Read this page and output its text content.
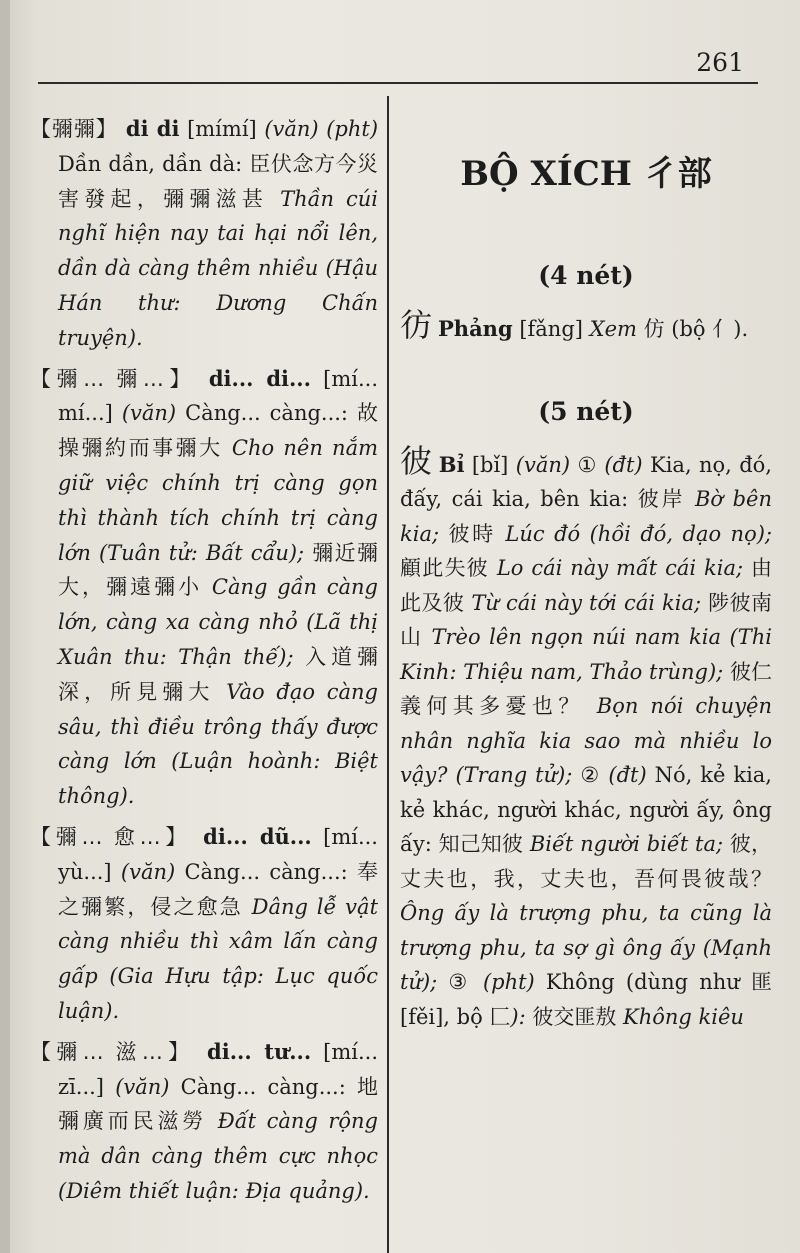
261

【彌彌】 di di [mímí] (văn) (pht) Dần dần, dần dà: 臣伏念方今災害發起，彌彌滋甚 Thần cúi nghĩ hiện nay tai hại nổi lên, dần dà càng thêm nhiều (Hậu Hán thư: Dương Chấn truyện).

【彌… 彌…】 di... di... [mí... mí...] (văn) Càng... càng...: 故操彌約而事彌大 Cho nên nắm giữ việc chính trị càng gọn thì thành tích chính trị càng lớn (Tuân tử: Bất cẩu); 彌近彌大，彌遠彌小 Càng gần càng lớn, càng xa càng nhỏ (Lã thị Xuân thu: Thận thế); 入道彌深，所見彌大 Vào đạo càng sâu, thì điều trông thấy được càng lớn (Luận hoành: Biệt thông).

【彌… 愈…】 di... dũ... [mí... yù...] (văn) Càng... càng...: 奉之彌繁，侵之愈急 Dâng lễ vật càng nhiều thì xâm lấn càng gấp (Gia Hựu tập: Lục quốc luận).

【彌… 滋…】 di... tư... [mí... zī...] (văn) Càng... càng...: 地彌廣而民滋勞 Đất càng rộng mà dân càng thêm cực nhọc (Diêm thiết luận: Địa quảng).

BỘ XÍCH 彳部
(4 nét)

彷 Phảng [fǎng] Xem 仿 (bộ 亻).

(5 nét)

彼 Bỉ [bǐ] (văn) ① (đt) Kia, nọ, đó, đấy, cái kia, bên kia: 彼岸 Bờ bên kia; 彼時 Lúc đó (hồi đó, dạo nọ); 顧此失彼 Lo cái này mất cái kia; 由此及彼 Từ cái này tới cái kia; 陟彼南山 Trèo lên ngọn núi nam kia (Thi Kinh: Thiệu nam, Thảo trùng); 彼仁義何其多憂也？ Bọn nói chuyện nhân nghĩa kia sao mà nhiều lo vậy? (Trang tử); ② (đt) Nó, kẻ kia, kẻ khác, người khác, người ấy, ông ấy: 知己知彼 Biết người biết ta; 彼，丈夫也，我，丈夫也，吾何畏彼哉？ Ông ấy là trượng phu, ta cũng là trượng phu, ta sợ gì ông ấy (Mạnh tử); ③ (pht) Không (dùng như 匪 [fěi], bộ 匚): 彼交匪敖 Không kiêu
